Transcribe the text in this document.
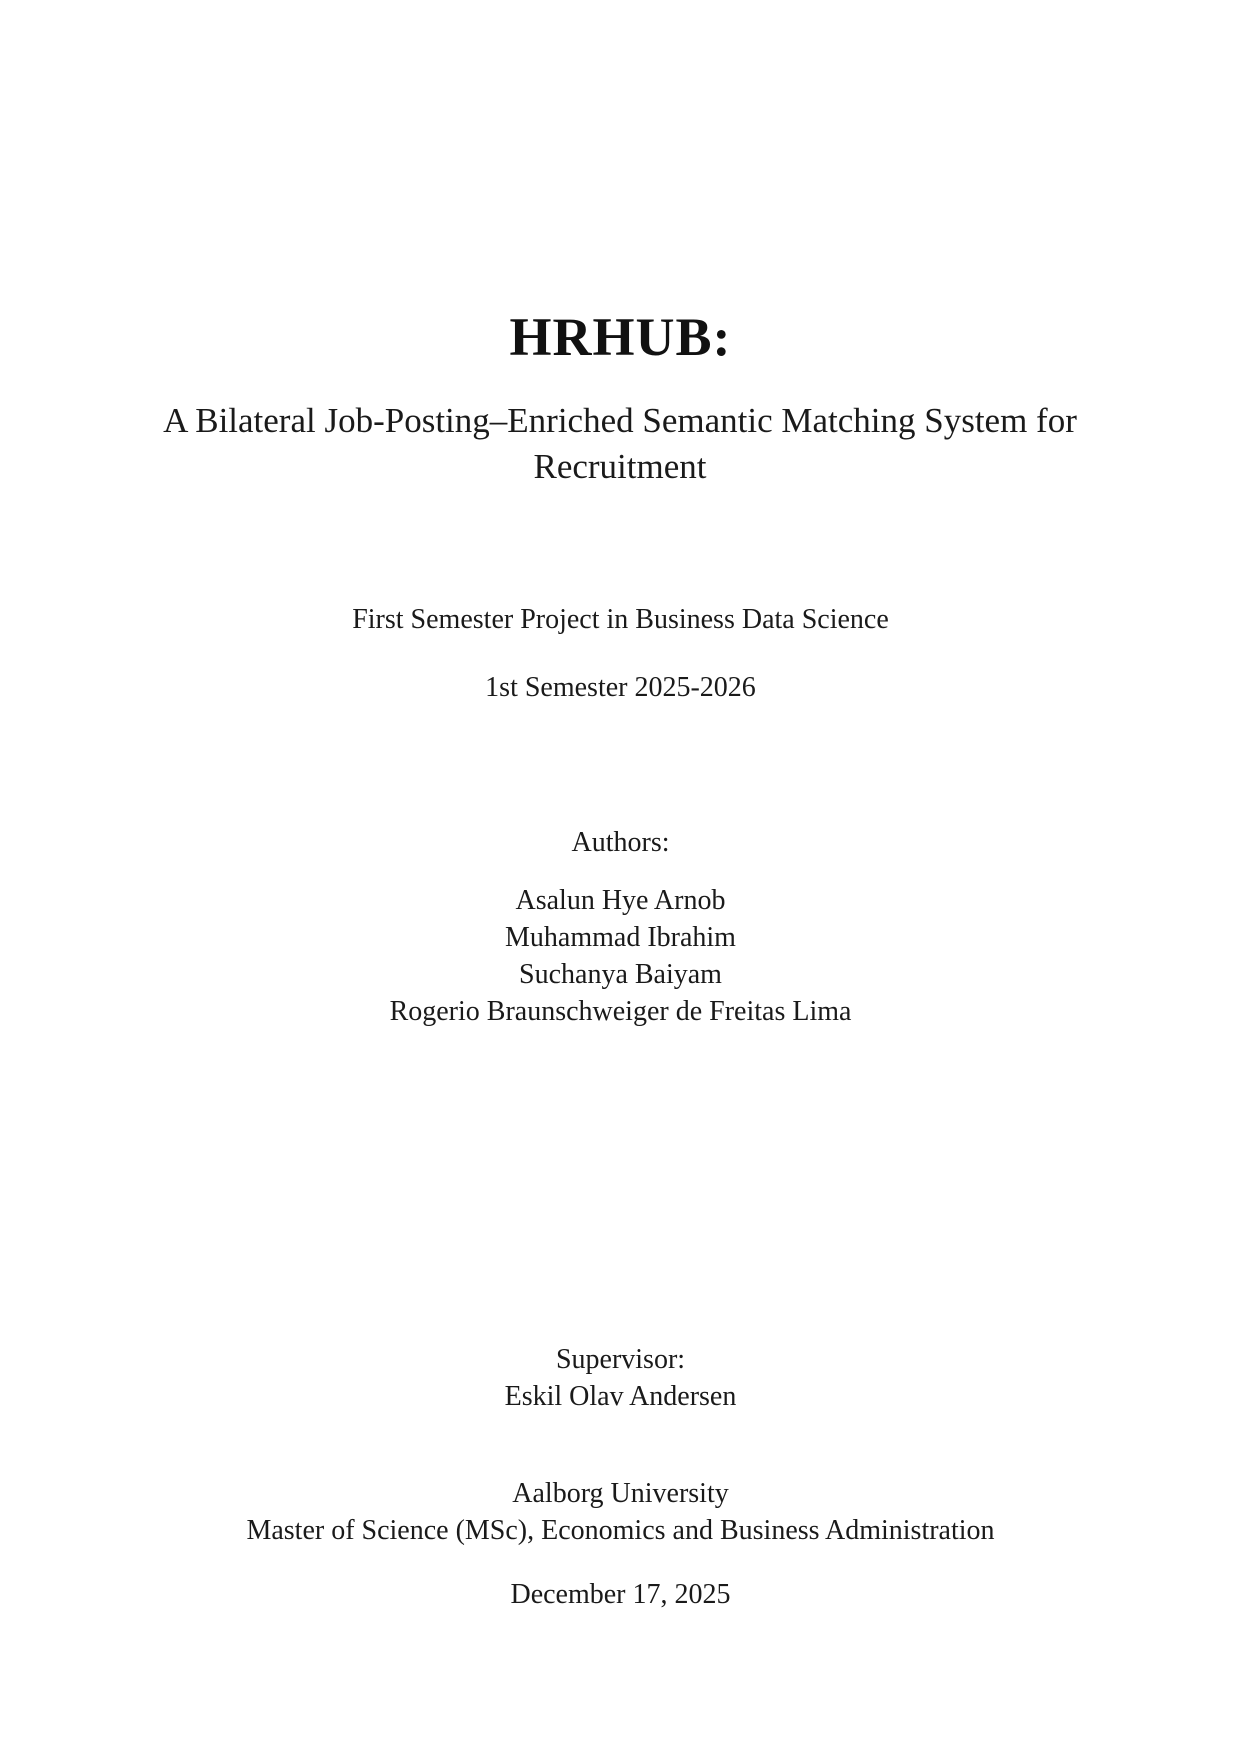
HRHUB:
A Bilateral Job-Posting–Enriched Semantic Matching System for Recruitment
First Semester Project in Business Data Science
1st Semester 2025-2026
Authors:
Asalun Hye Arnob
Muhammad Ibrahim
Suchanya Baiyam
Rogerio Braunschweiger de Freitas Lima
Supervisor:
Eskil Olav Andersen
Aalborg University
Master of Science (MSc), Economics and Business Administration
December 17, 2025
